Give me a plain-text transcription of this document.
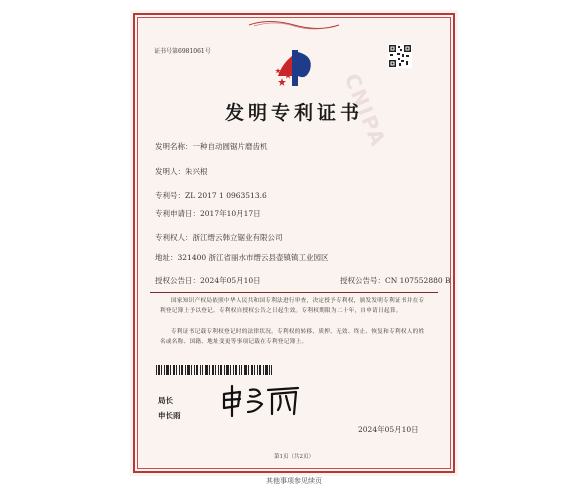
证书号第6981061号
CNIPA
发明专利证书
发明名称：一种自动圆锯片磨齿机
发明人：朱兴根
专利号：ZL 2017 1 0963513.6
专利申请日：2017年10月17日
专利权人：浙江缙云韩立锯业有限公司
地址：321400 浙江省丽水市缙云县壶镇镇工业园区
授权公告日：2024年05月10日	授权公告号：CN 107552880 B
国家知识产权局依照中华人民共和国专利法进行审查，决定授予专利权，颁发发明专利证书并在专利登记簿上予以登记。专利权自授权公告之日起生效。专利权期限为二十年，自申请日起算。
专利证书记载专利权登记时的法律状况。专利权的转移、质押、无效、终止、恢复和专利权人的姓名或名称、国籍、地址变更等事项记载在专利登记簿上。
局长
申长雨
2024年05月10日
第1页（共2页）
其他事项参见续页
